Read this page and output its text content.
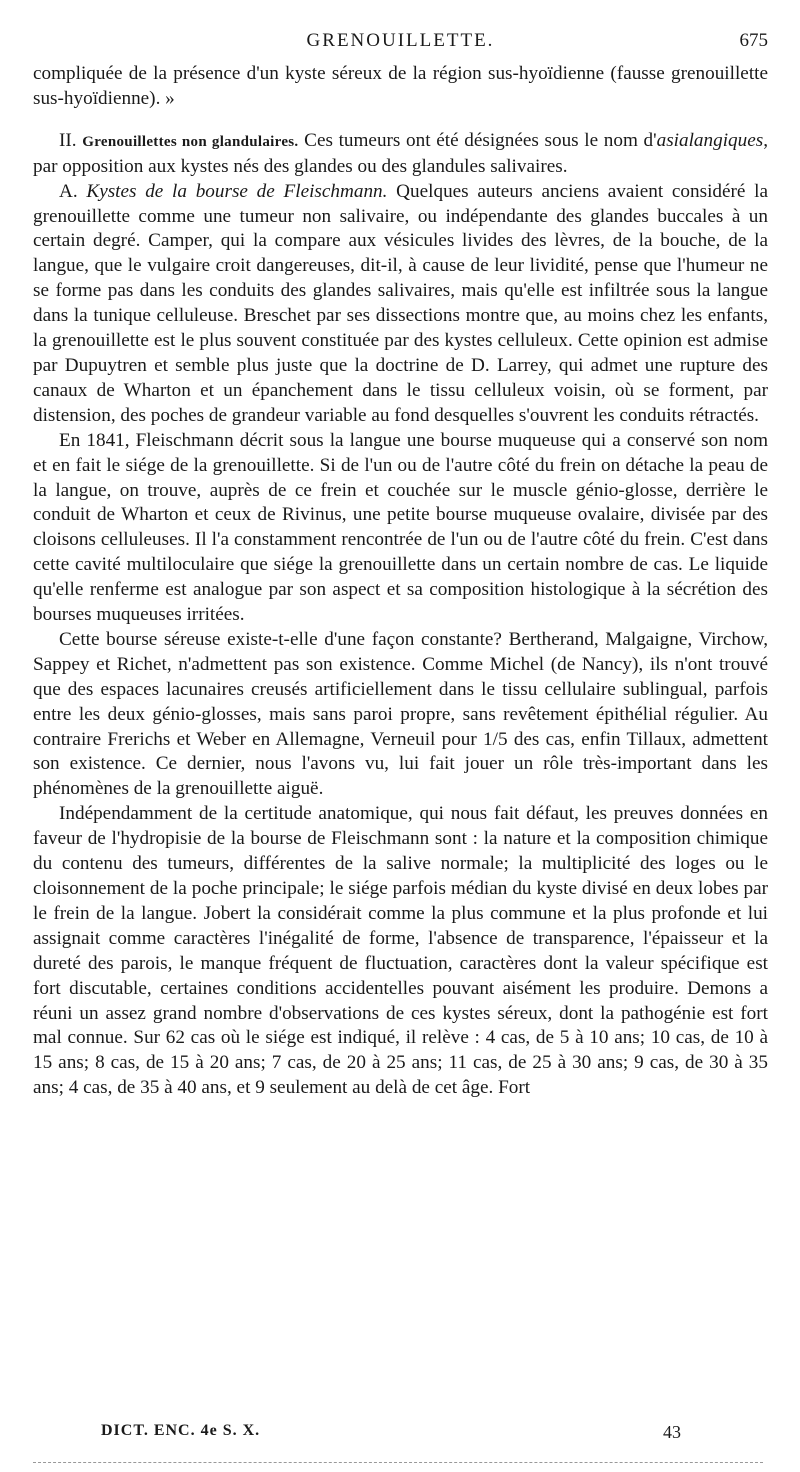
GRENOUILLETTE.	675

compliquée de la présence d'un kyste séreux de la région sus-hyoïdienne (fausse grenouillette sus-hyoïdienne). »

II. Grenouillettes non glandulaires. Ces tumeurs ont été désignées sous le nom d'asialangiques, par opposition aux kystes nés des glandes ou des glandules salivaires.

A. Kystes de la bourse de Fleischmann. Quelques auteurs anciens avaient considéré la grenouillette comme une tumeur non salivaire, ou indépendante des glandes buccales à un certain degré. Camper, qui la compare aux vésicules livides des lèvres, de la bouche, de la langue, que le vulgaire croit dangereuses, dit-il, à cause de leur lividité, pense que l'humeur ne se forme pas dans les conduits des glandes salivaires, mais qu'elle est infiltrée sous la langue dans la tunique celluleuse. Breschet par ses dissections montre que, au moins chez les enfants, la grenouillette est le plus souvent constituée par des kystes celluleux. Cette opinion est admise par Dupuytren et semble plus juste que la doctrine de D. Larrey, qui admet une rupture des canaux de Wharton et un épanchement dans le tissu celluleux voisin, où se forment, par distension, des poches de grandeur variable au fond desquelles s'ouvrent les conduits rétractés.

En 1841, Fleischmann décrit sous la langue une bourse muqueuse qui a conservé son nom et en fait le siége de la grenouillette. Si de l'un ou de l'autre côté du frein on détache la peau de la langue, on trouve, auprès de ce frein et couchée sur le muscle génio-glosse, derrière le conduit de Wharton et ceux de Rivinus, une petite bourse muqueuse ovalaire, divisée par des cloisons celluleuses. Il l'a constamment rencontrée de l'un ou de l'autre côté du frein. C'est dans cette cavité multiloculaire que siége la grenouillette dans un certain nombre de cas. Le liquide qu'elle renferme est analogue par son aspect et sa composition histologique à la sécrétion des bourses muqueuses irritées.

Cette bourse séreuse existe-t-elle d'une façon constante? Bertherand, Malgaigne, Virchow, Sappey et Richet, n'admettent pas son existence. Comme Michel (de Nancy), ils n'ont trouvé que des espaces lacunaires creusés artificiellement dans le tissu cellulaire sublingual, parfois entre les deux génio-glosses, mais sans paroi propre, sans revêtement épithélial régulier. Au contraire Frerichs et Weber en Allemagne, Verneuil pour 1/5 des cas, enfin Tillaux, admettent son existence. Ce dernier, nous l'avons vu, lui fait jouer un rôle très-important dans les phénomènes de la grenouillette aiguë.

Indépendamment de la certitude anatomique, qui nous fait défaut, les preuves données en faveur de l'hydropisie de la bourse de Fleischmann sont : la nature et la composition chimique du contenu des tumeurs, différentes de la salive normale; la multiplicité des loges ou le cloisonnement de la poche principale; le siége parfois médian du kyste divisé en deux lobes par le frein de la langue. Jobert la considérait comme la plus commune et la plus profonde et lui assignait comme caractères l'inégalité de forme, l'absence de transparence, l'épaisseur et la dureté des parois, le manque fréquent de fluctuation, caractères dont la valeur spécifique est fort discutable, certaines conditions accidentelles pouvant aisément les produire. Demons a réuni un assez grand nombre d'observations de ces kystes séreux, dont la pathogénie est fort mal connue. Sur 62 cas où le siége est indiqué, il relève : 4 cas, de 5 à 10 ans; 10 cas, de 10 à 15 ans; 8 cas, de 15 à 20 ans; 7 cas, de 20 à 25 ans; 11 cas, de 25 à 30 ans; 9 cas, de 30 à 35 ans; 4 cas, de 35 à 40 ans, et 9 seulement au delà de cet âge. Fort

DICT. ENC. 4e S. X.	43
